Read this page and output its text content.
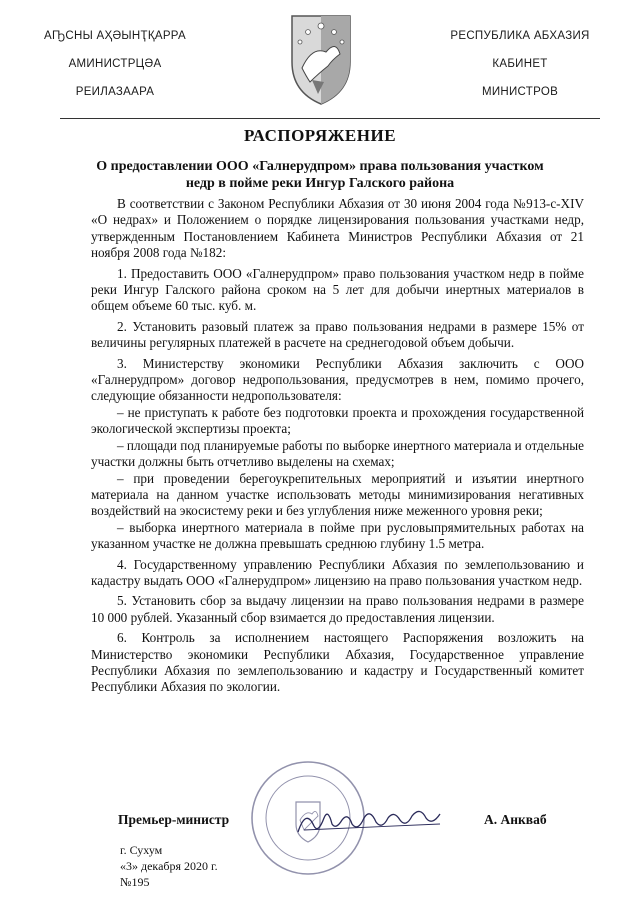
АҦСНЫ АҲӘЫНҬҚАРРА
АМИНИСТРЦӘА
РЕИЛАЗААРА
РЕСПУБЛИКА АБХАЗИЯ
КАБИНЕТ
МИНИСТРОВ
РАСПОРЯЖЕНИЕ
О предоставлении ООО «Галнерудпром» права пользования участком недр в пойме реки Ингур Галского района

В соответствии с Законом Республики Абхазия от 30 июня 2004 года №913-с-XIV «О недрах» и Положением о порядке лицензирования пользования участками недр, утвержденным Постановлением Кабинета Министров Республики Абхазия от 21 ноября 2008 года №182:

1. Предоставить ООО «Галнерудпром» право пользования участком недр в пойме реки Ингур Галского района сроком на 5 лет для добычи инертных материалов в общем объеме 60 тыс. куб. м.

2. Установить разовый платеж за право пользования недрами в размере 15% от величины регулярных платежей в расчете на среднегодовой объем добычи.

3. Министерству экономики Республики Абхазия заключить с ООО «Галнерудпром» договор недропользования, предусмотрев в нем, помимо прочего, следующие обязанности недропользователя:

– не приступать к работе без подготовки проекта и прохождения государственной экологической экспертизы проекта;

– площади под планируемые работы по выборке инертного материала и отдельные участки должны быть отчетливо выделены на схемах;

– при проведении берегоукрепительных мероприятий и изъятии инертного материала на данном участке использовать методы минимизирования негативных воздействий на экосистему реки и без углубления ниже меженного уровня реки;

– выборка инертного материала в пойме при русловыпрямительных работах на указанном участке не должна превышать среднюю глубину 1.5 метра.

4. Государственному управлению Республики Абхазия по землепользованию и кадастру выдать ООО «Галнерудпром» лицензию на право пользования участком недр.

5. Установить сбор за выдачу лицензии на право пользования недрами в размере 10 000 рублей. Указанный сбор взимается до предоставления лицензии.

6. Контроль за исполнением настоящего Распоряжения возложить на Министерство экономики Республики Абхазия, Государственное управление Республики Абхазия по землепользованию и кадастру и Государственный комитет Республики Абхазия по экологии.

Премьер-министр	А. Анкваб
г. Сухум
«3» декабря 2020 г.
№195
